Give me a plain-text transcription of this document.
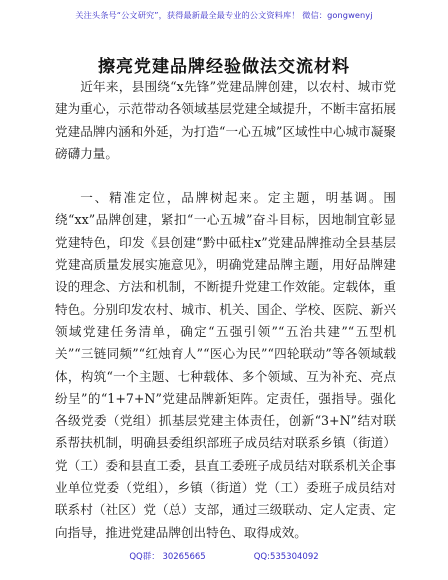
关注头条号“公文研究”，获得最新最全最专业的公文资料库！ 微信：gongwenyj
擦亮党建品牌经验做法交流材料

近年来，县围绕“x先锋”党建品牌创建，以农村、城市党建为重心，示范带动各领域基层党建全域提升，不断丰富拓展党建品牌内涵和外延，为打造“一心五城”区域性中心城市凝聚磅礴力量。

一、精准定位，品牌树起来。定主题，明基调。围绕“xx”品牌创建，紧扣“一心五城”奋斗目标，因地制宜彰显党建特色，印发《县创建“黔中砥柱x”党建品牌推动全县基层党建高质量发展实施意见》，明确党建品牌主题，用好品牌建设的理念、方法和机制，不断提升党建工作效能。定载体，重特色。分别印发农村、城市、机关、国企、学校、医院、新兴领域党建任务清单，确定“五强引领”“五治共建”“五型机关”“三链同频”“红烛育人”“医心为民”“四轮联动”等各领域载体，构筑“一个主题、七种载体、多个领域、互为补充、亮点纷呈”的“1+7+N”党建品牌新矩阵。定责任，强指导。强化各级党委（党组）抓基层党建主体责任，创新“3+N”结对联系帮扶机制，明确县委组织部班子成员结对联系乡镇（街道）党（工）委和县直工委，县直工委班子成员结对联系机关企事业单位党委（党组），乡镇（街道）党（工）委班子成员结对联系村（社区）党（总）支部，通过三级联动、定人定责、定向指导，推进党建品牌创出特色、取得成效。

QQ群： 30265665	QQ:535304092
